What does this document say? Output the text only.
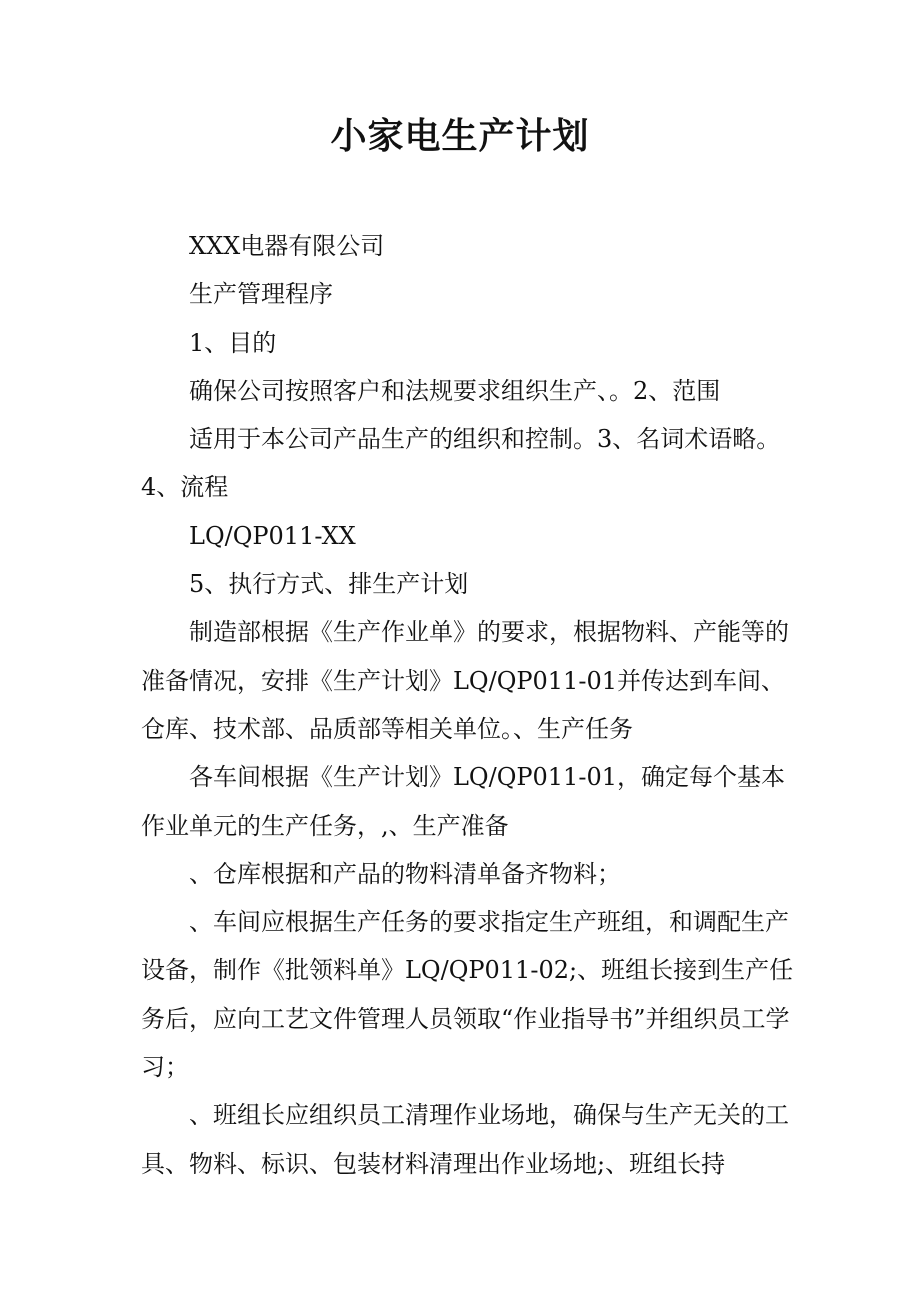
小家电生产计划

XXX电器有限公司

生产管理程序

1、目的

确保公司按照客户和法规要求组织生产、。2、范围

适用于本公司产品生产的组织和控制。3、名词术语略。4、流程

LQ/QP011-XX

5、执行方式、排生产计划

制造部根据《生产作业单》的要求，根据物料、产能等的准备情况，安排《生产计划》LQ/QP011-01并传达到车间、仓库、技术部、品质部等相关单位。、生产任务

各车间根据《生产计划》LQ/QP011-01，确定每个基本作业单元的生产任务，,、生产准备

、仓库根据和产品的物料清单备齐物料；

、车间应根据生产任务的要求指定生产班组，和调配生产设备，制作《批领料单》LQ/QP011-02;、班组长接到生产任务后，应向工艺文件管理人员领取“作业指导书”并组织员工学习；

、班组长应组织员工清理作业场地，确保与生产无关的工具、物料、标识、包装材料清理出作业场地;、班组长持
